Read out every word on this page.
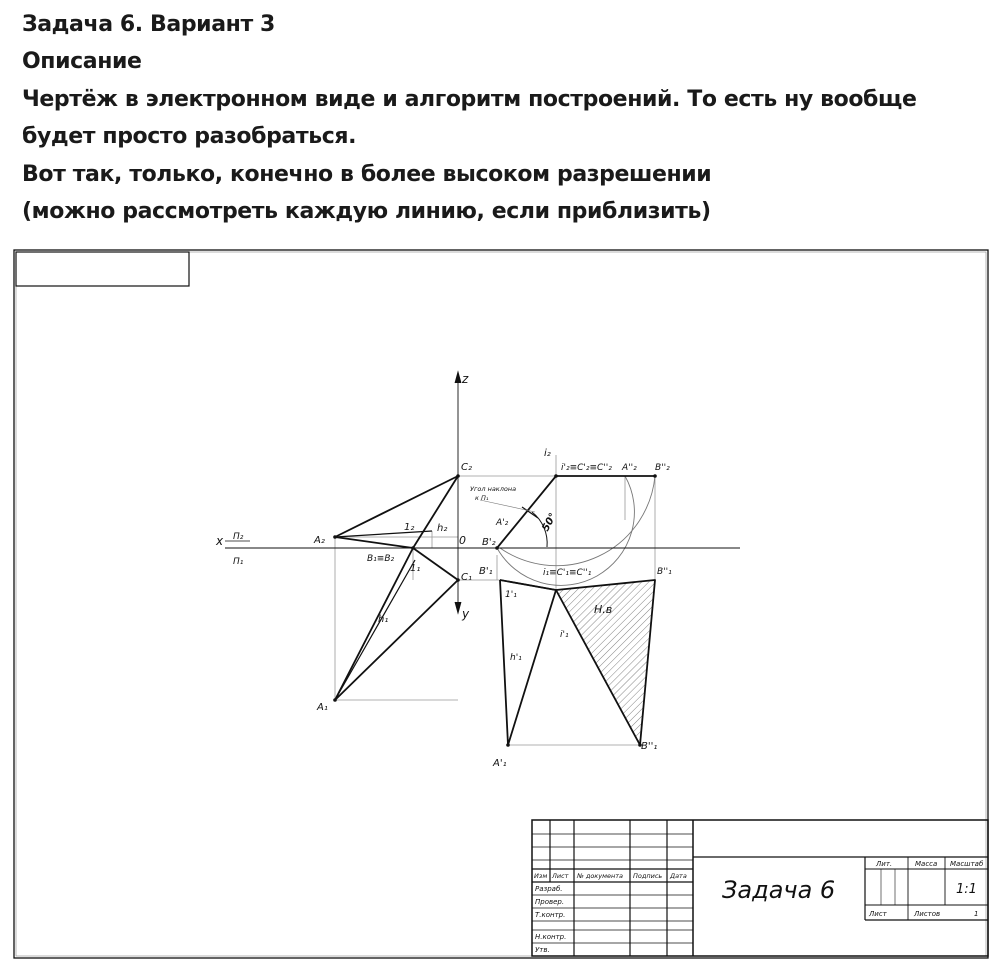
Задача 6. Вариант 3
Описание
Чертёж в электронном виде и алгоритм построений. То есть ну вообще
будет просто разобраться.
Вот так, только, конечно в более высоком разрешении
(можно рассмотреть каждую линию, если приблизить)
z
x
y
0
П₂
П₁
C₂
A₂
B₁≡B₂
1₂ h₂
1₁
C₁
h₁
A₁
i₂
i'₂≡C'₂≡C''₂ A''₂ B''₂
Угол наклона
к П₁
50°
A'₂
B'₂
B'₁	i₁≡C'₁≡C''₁	B''₁
1'₁
Н.в
i'₁
h'₁
A'₁
B''₁
Задача 6
Изм Лист № документа Подпись Дата
Разраб.
Провер.
Т.контр.
Н.контр.
Утв.
Лит.	Масса Масштаб
1:1
Лист	Листов	1
